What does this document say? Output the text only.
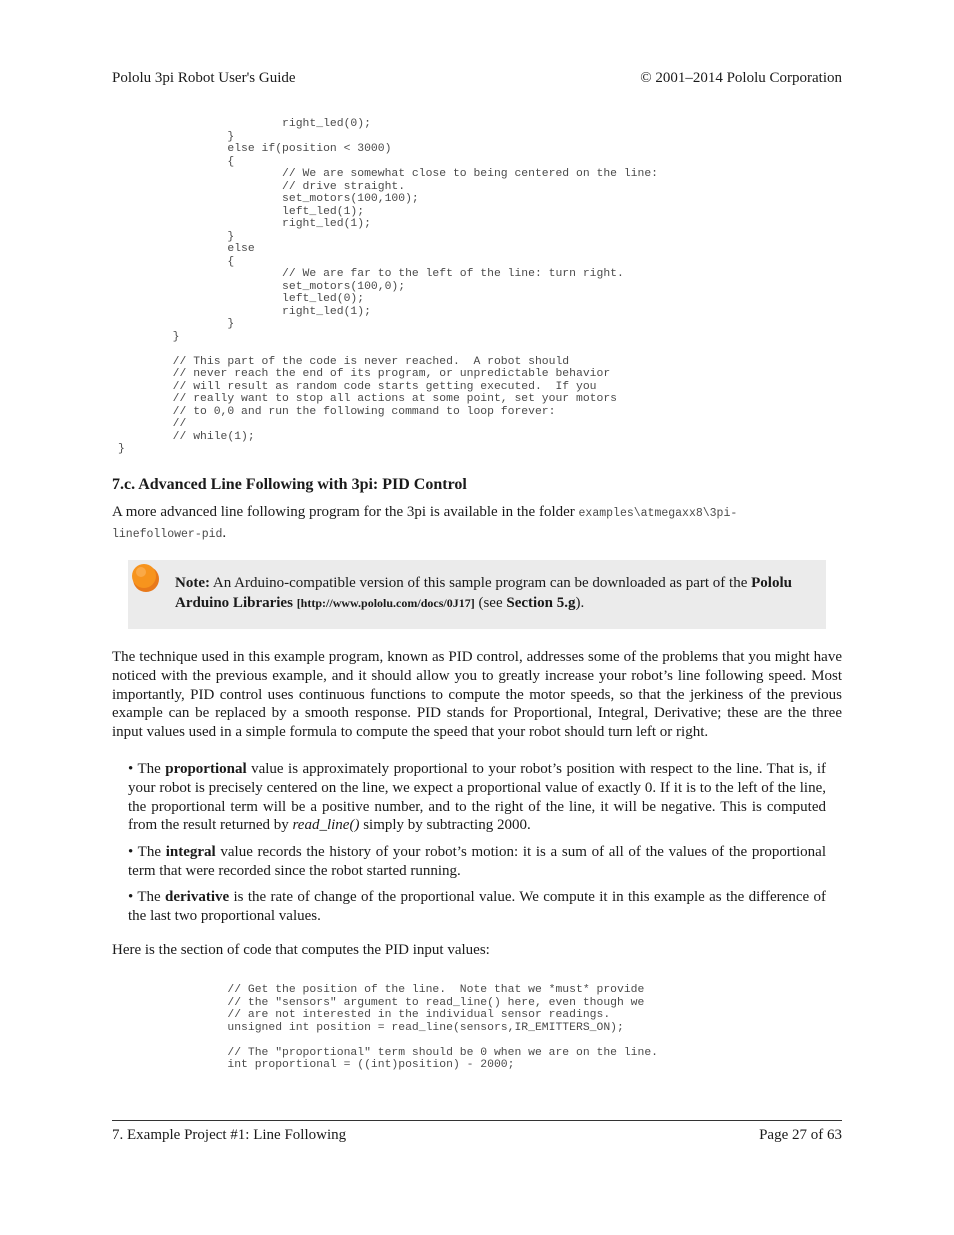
Pololu 3pi Robot User's Guide	© 2001–2014 Pololu Corporation
right_led(0);
}
else if(position < 3000)
{
// We are somewhat close to being centered on the line:
// drive straight.
set_motors(100,100);
left_led(1);
right_led(1);
}
else
{
// We are far to the left of the line: turn right.
set_motors(100,0);
left_led(0);
right_led(1);
}
}

// This part of the code is never reached.  A robot should
// never reach the end of its program, or unpredictable behavior
// will result as random code starts getting executed.  If you
// really want to stop all actions at some point, set your motors
// to 0,0 and run the following command to loop forever:
//
// while(1);
}
7.c. Advanced Line Following with 3pi: PID Control

A more advanced line following program for the 3pi is available in the folder examples\atmegaxx8\3pi-
linefollower-pid.

Note: An Arduino-compatible version of this sample program can be downloaded as part of the Pololu Arduino Libraries [http://www.pololu.com/docs/0J17] (see Section 5.g).

The technique used in this example program, known as PID control, addresses some of the problems that you might have noticed with the previous example, and it should allow you to greatly increase your robot’s line following speed. Most importantly, PID control uses continuous functions to compute the motor speeds, so that the jerkiness of the previous example can be replaced by a smooth response. PID stands for Proportional, Integral, Derivative; these are the three input values used in a simple formula to compute the speed that your robot should turn left or right.

• The proportional value is approximately proportional to your robot’s position with respect to the line. That is, if your robot is precisely centered on the line, we expect a proportional value of exactly 0. If it is to the left of the line, the proportional term will be a positive number, and to the right of the line, it will be negative. This is computed from the result returned by read_line() simply by subtracting 2000.

• The integral value records the history of your robot’s motion: it is a sum of all of the values of the proportional term that were recorded since the robot started running.

• The derivative is the rate of change of the proportional value. We compute it in this example as the difference of the last two proportional values.

Here is the section of code that computes the PID input values:

// Get the position of the line.  Note that we *must* provide
// the "sensors" argument to read_line() here, even though we
// are not interested in the individual sensor readings.
unsigned int position = read_line(sensors,IR_EMITTERS_ON);

// The "proportional" term should be 0 when we are on the line.
int proportional = ((int)position) - 2000;
7. Example Project #1: Line Following	Page 27 of 63
